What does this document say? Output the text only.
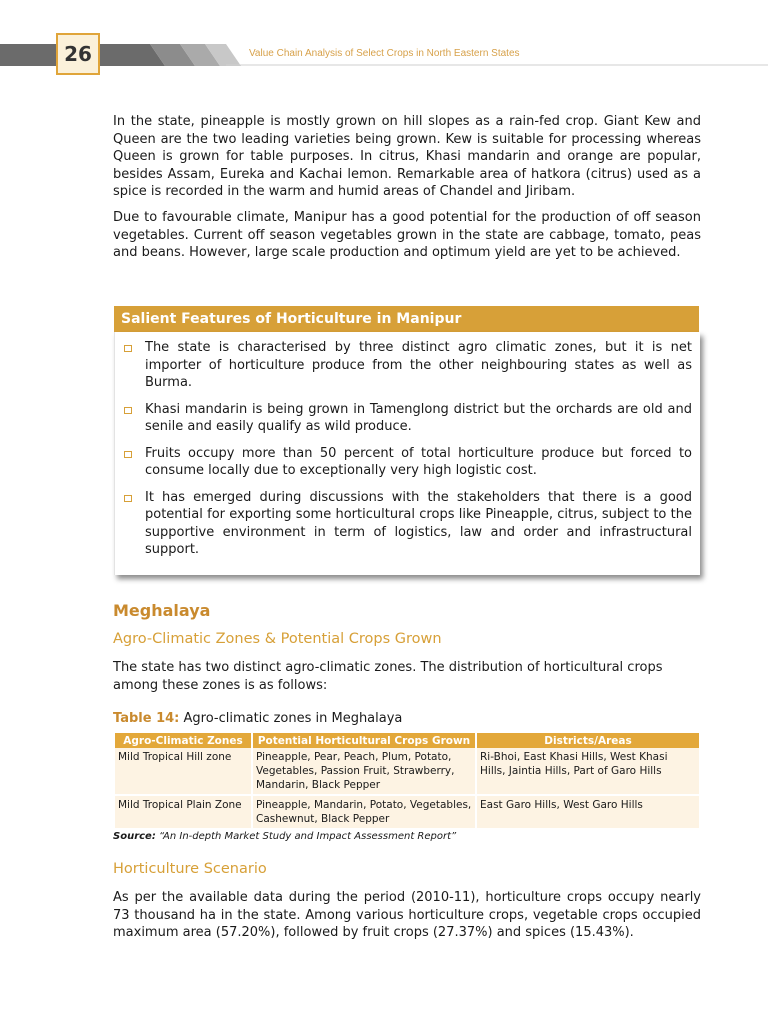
26	Value Chain Analysis of Select Crops in North Eastern States

In the state, pineapple is mostly grown on hill slopes as a rain-fed crop. Giant Kew and Queen are the two leading varieties being grown. Kew is suitable for processing whereas Queen is grown for table purposes. In citrus, Khasi mandarin and orange are popular, besides Assam, Eureka and Kachai lemon. Remarkable area of hatkora (citrus) used as a spice is recorded in the warm and humid areas of Chandel and Jiribam.

Due to favourable climate, Manipur has a good potential for the production of off season vegetables. Current off season vegetables grown in the state are cabbage, tomato, peas and beans. However, large scale production and optimum yield are yet to be achieved.

Salient Features of Horticulture in Manipur
The state is characterised by three distinct agro climatic zones, but it is net importer of horticulture produce from the other neighbouring states as well as Burma.
Khasi mandarin is being grown in Tamenglong district but the orchards are old and senile and easily qualify as wild produce.
Fruits occupy more than 50 percent of total horticulture produce but forced to consume locally due to exceptionally very high logistic cost.
It has emerged during discussions with the stakeholders that there is a good potential for exporting some horticultural crops like Pineapple, citrus, subject to the supportive environment in term of logistics, law and order and infrastructural support.
Meghalaya
Agro-Climatic Zones & Potential Crops Grown

The state has two distinct agro-climatic zones. The distribution of horticultural crops among these zones is as follows:

Table 14: Agro-climatic zones in Meghalaya
Agro-Climatic Zones	Potential Horticultural Crops Grown	Districts/Areas
Mild Tropical Hill zone	Pineapple, Pear, Peach, Plum, Potato, Vegetables, Passion Fruit, Strawberry, Mandarin, Black Pepper	Ri-Bhoi, East Khasi Hills, West Khasi Hills, Jaintia Hills, Part of Garo Hills
Mild Tropical Plain Zone	Pineapple, Mandarin, Potato, Vegetables, Cashewnut, Black Pepper	East Garo Hills, West Garo Hills
Source: “An In-depth Market Study and Impact Assessment Report”
Horticulture Scenario

As per the available data during the period (2010-11), horticulture crops occupy nearly 73 thousand ha in the state. Among various horticulture crops, vegetable crops occupied maximum area (57.20%), followed by fruit crops (27.37%) and spices (15.43%).
